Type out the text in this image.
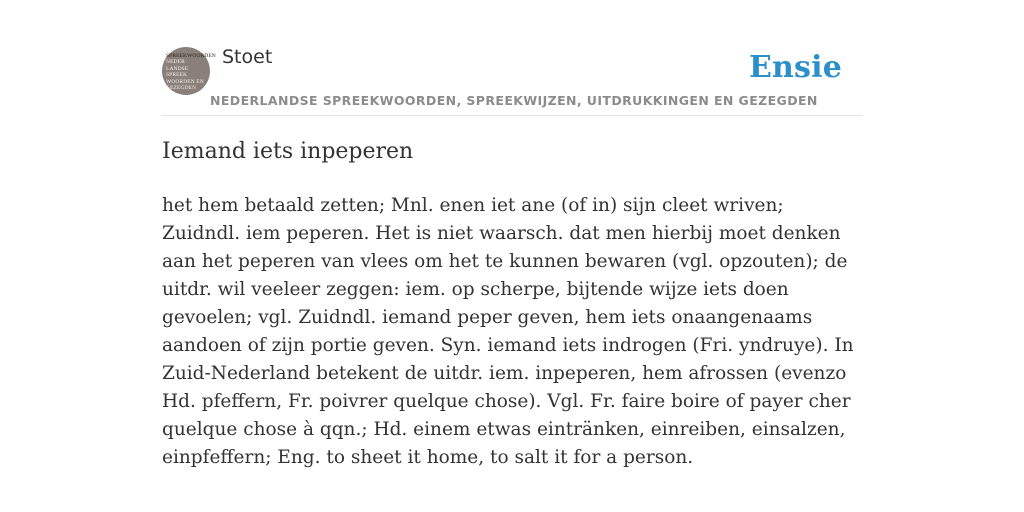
SPREEKWOORDEN
NEDER
LANDSE
SPREEK
WOORDEN EN
GEZEGDEN
Stoet	Ensie
NEDERLANDSE SPREEKWOORDEN, SPREEKWIJZEN, UITDRUKKINGEN EN GEZEGDEN
Iemand iets inpeperen

het hem betaald zetten; Mnl. enen iet ane (of in) sijn cleet wriven; Zuidndl. iem peperen. Het is niet waarsch. dat men hierbij moet denken aan het peperen van vlees om het te kunnen bewaren (vgl. opzouten); de uitdr. wil veeleer zeggen: iem. op scherpe, bijtende wijze iets doen gevoelen; vgl. Zuidndl. iemand peper geven, hem iets onaangenaams aandoen of zijn portie geven. Syn. iemand iets indrogen (Fri. yndruye). In Zuid-Nederland betekent de uitdr. iem. inpeperen, hem afrossen (evenzo Hd. pfeffern, Fr. poivrer quelque chose). Vgl. Fr. faire boire of payer cher quelque chose à qqn.; Hd. einem etwas eintränken, einreiben, einsalzen, einpfeffern; Eng. to sheet it home, to salt it for a person.
